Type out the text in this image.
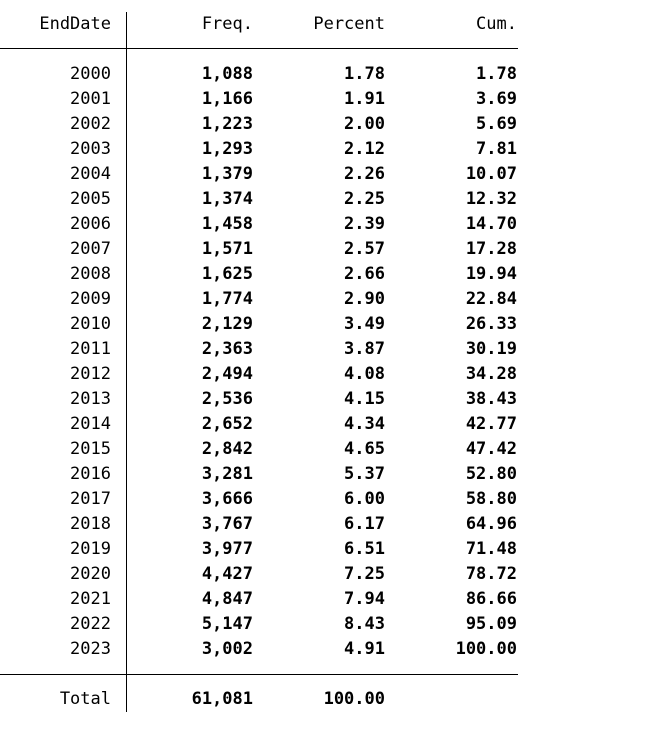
EndDate	Freq.	Percent	Cum.
2000	1,088	1.78	1.78
2001	1,166	1.91	3.69
2002	1,223	2.00	5.69
2003	1,293	2.12	7.81
2004	1,379	2.26	10.07
2005	1,374	2.25	12.32
2006	1,458	2.39	14.70
2007	1,571	2.57	17.28
2008	1,625	2.66	19.94
2009	1,774	2.90	22.84
2010	2,129	3.49	26.33
2011	2,363	3.87	30.19
2012	2,494	4.08	34.28
2013	2,536	4.15	38.43
2014	2,652	4.34	42.77
2015	2,842	4.65	47.42
2016	3,281	5.37	52.80
2017	3,666	6.00	58.80
2018	3,767	6.17	64.96
2019	3,977	6.51	71.48
2020	4,427	7.25	78.72
2021	4,847	7.94	86.66
2022	5,147	8.43	95.09
2023	3,002	4.91	100.00
Total	61,081	100.00
